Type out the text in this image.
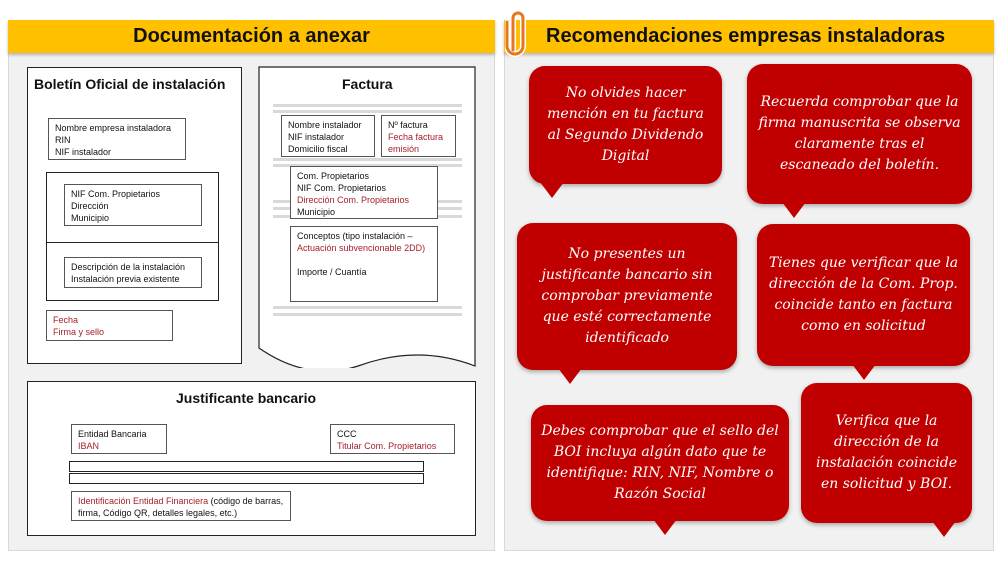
Documentación a anexar
Boletín Oficial de instalación
Nombre empresa instaladora
RIN
NIF instalador
NIF Com. Propietarios
Dirección
Municipio
Descripción de la instalación
Instalación previa existente
Fecha
Firma y sello
Factura
Nombre instalador
NIF instalador
Domicilio fiscal
Nº factura
Fecha factura emisión
Com. Propietarios
NIF Com. Propietarios
Dirección Com. Propietarios
Municipio
Conceptos (tipo instalación –
Actuación subvencionable 2DD)
Importe / Cuantía
Justificante bancario
Entidad Bancaria
IBAN
CCC
Titular Com. Propietarios
Identificación Entidad Financiera (código de barras, firma, Código QR, detalles legales, etc.)
Recomendaciones empresas instaladoras
No olvides hacer mención en tu factura al Segundo Dividendo Digital
Recuerda comprobar que la firma manuscrita se observa claramente tras el escaneado del boletín.
No presentes un justificante bancario sin comprobar previamente que esté correctamente identificado
Tienes que verificar que la dirección de la Com. Prop. coincide tanto en factura como en solicitud
Debes comprobar que el sello del BOI incluya algún dato que te identifique: RIN, NIF, Nombre o Razón Social
Verifica que la dirección de la instalación coincide en solicitud y BOI.
